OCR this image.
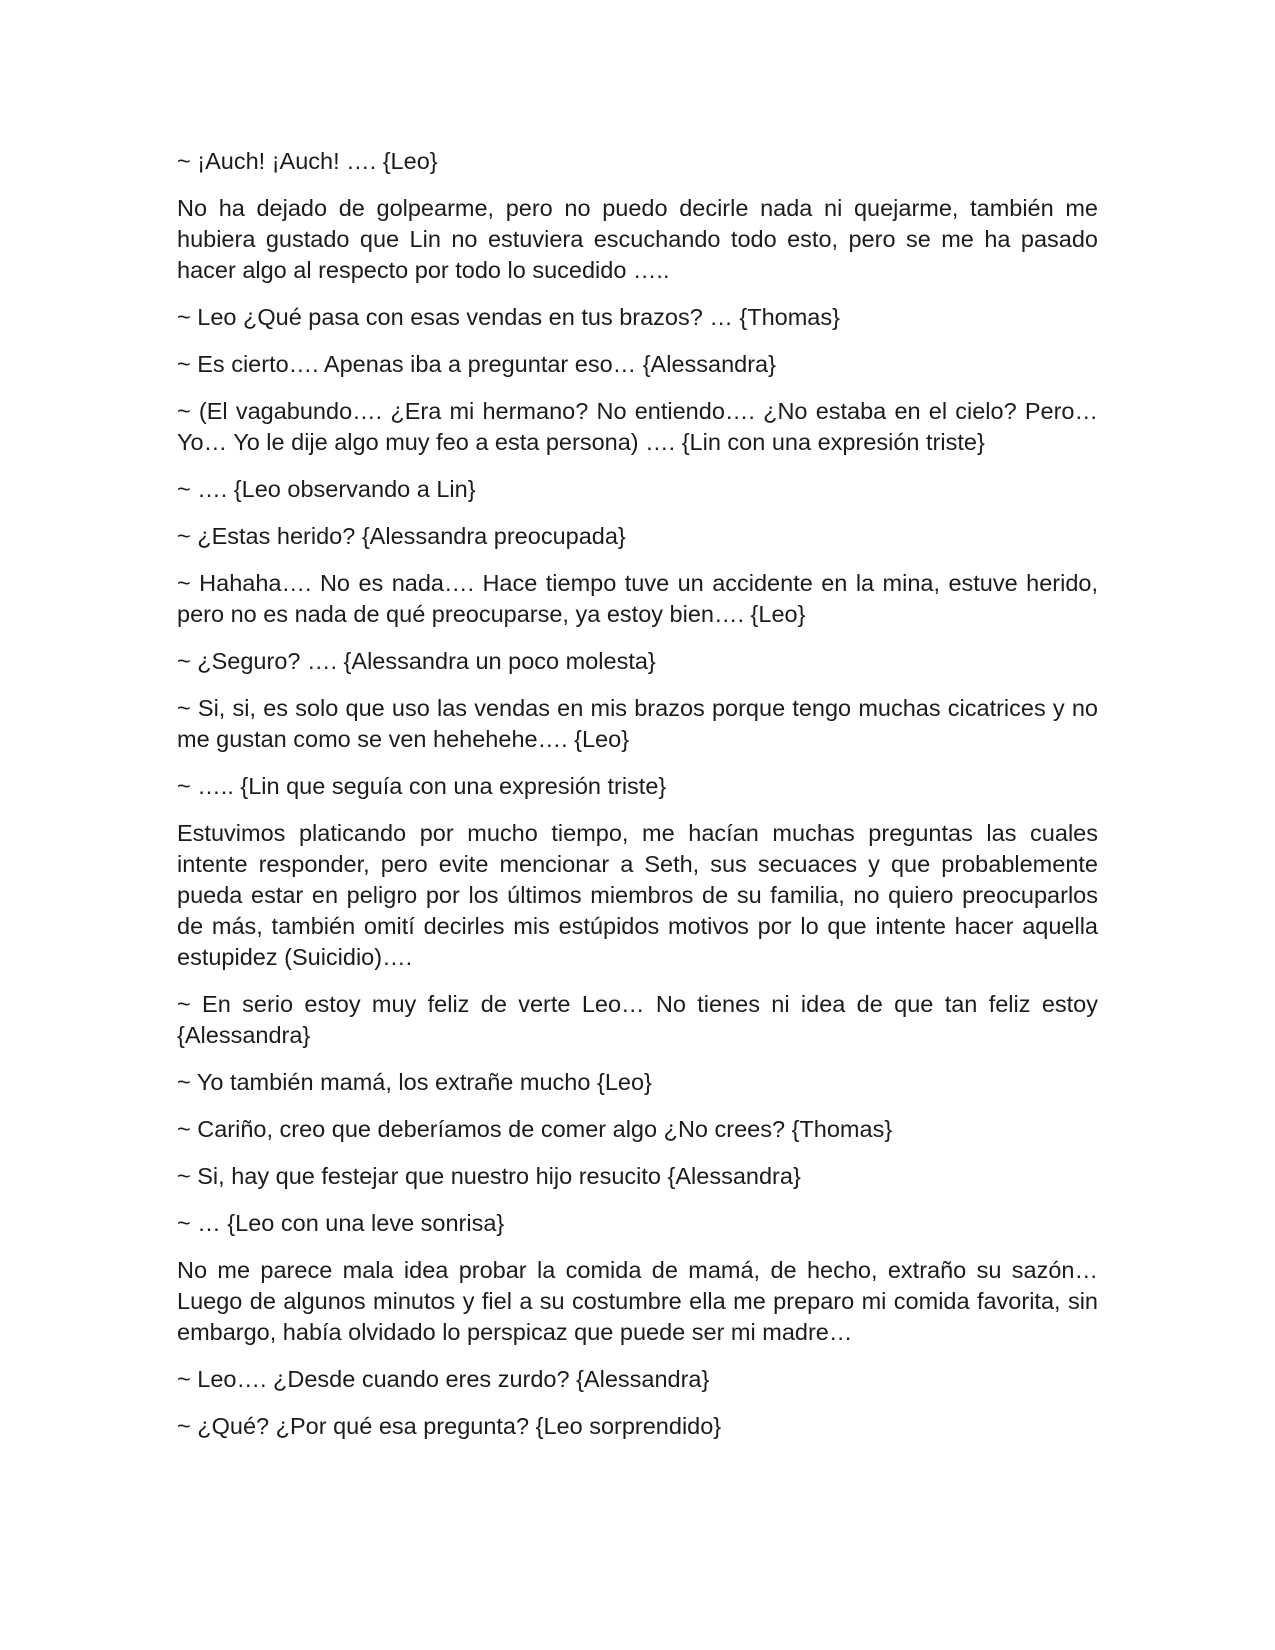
~ ¡Auch! ¡Auch! …. {Leo}

No ha dejado de golpearme, pero no puedo decirle nada ni quejarme, también me hubiera gustado que Lin no estuviera escuchando todo esto, pero se me ha pasado hacer algo al respecto por todo lo sucedido …..

~ Leo ¿Qué pasa con esas vendas en tus brazos? … {Thomas}

~ Es cierto…. Apenas iba a preguntar eso… {Alessandra}

~ (El vagabundo…. ¿Era mi hermano? No entiendo…. ¿No estaba en el cielo? Pero… Yo… Yo le dije algo muy feo a esta persona) …. {Lin con una expresión triste}

~ …. {Leo observando a Lin}

~ ¿Estas herido? {Alessandra preocupada}

~ Hahaha…. No es nada…. Hace tiempo tuve un accidente en la mina, estuve herido, pero no es nada de qué preocuparse, ya estoy bien…. {Leo}

~ ¿Seguro? …. {Alessandra un poco molesta}

~ Si, si, es solo que uso las vendas en mis brazos porque tengo muchas cicatrices y no me gustan como se ven hehehehe…. {Leo}

~ ….. {Lin que seguía con una expresión triste}

Estuvimos platicando por mucho tiempo, me hacían muchas preguntas las cuales intente responder, pero evite mencionar a Seth, sus secuaces y que probablemente pueda estar en peligro por los últimos miembros de su familia, no quiero preocuparlos de más, también omití decirles mis estúpidos motivos por lo que intente hacer aquella estupidez (Suicidio)….

~ En serio estoy muy feliz de verte Leo… No tienes ni idea de que tan feliz estoy {Alessandra}

~ Yo también mamá, los extrañe mucho {Leo}

~ Cariño, creo que deberíamos de comer algo ¿No crees? {Thomas}

~ Si, hay que festejar que nuestro hijo resucito {Alessandra}

~ … {Leo con una leve sonrisa}

No me parece mala idea probar la comida de mamá, de hecho, extraño su sazón… Luego de algunos minutos y fiel a su costumbre ella me preparo mi comida favorita, sin embargo, había olvidado lo perspicaz que puede ser mi madre…

~ Leo…. ¿Desde cuando eres zurdo? {Alessandra}

~ ¿Qué? ¿Por qué esa pregunta? {Leo sorprendido}
